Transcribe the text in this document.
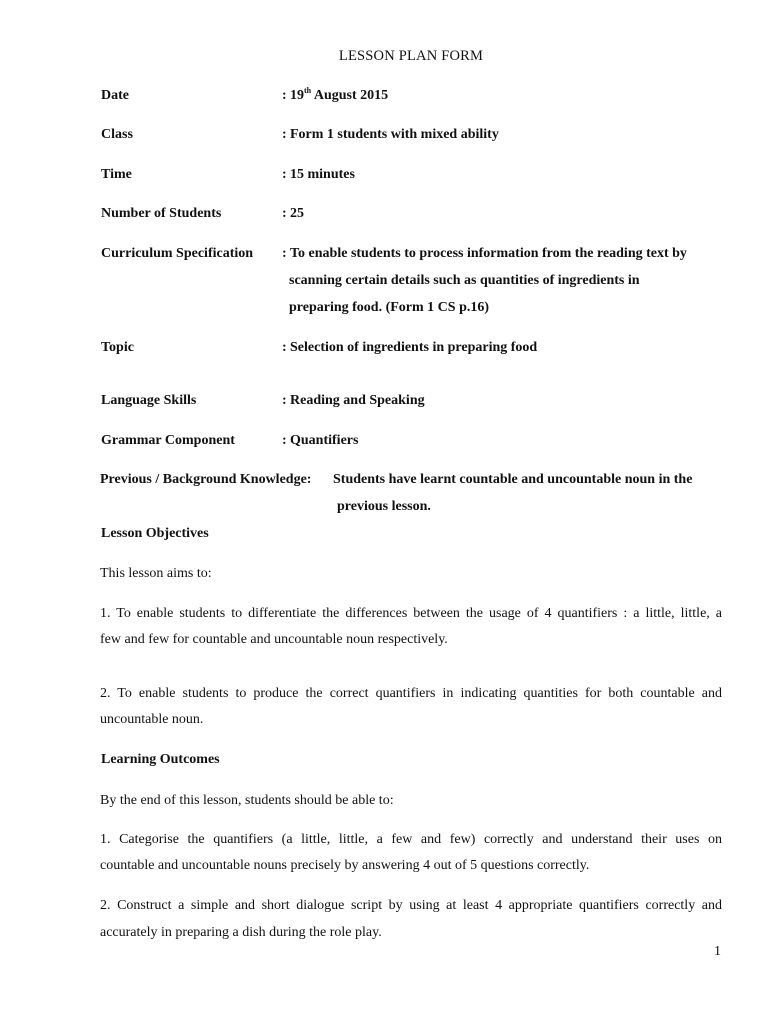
LESSON PLAN FORM
Date	: 19th August 2015
Class	: Form 1 students with mixed ability
Time	: 15 minutes
Number of Students	: 25
Curriculum Specification : To enable students to process information from the reading text by
scanning certain details such as quantities of ingredients in
preparing food. (Form 1 CS p.16)
Topic	: Selection of ingredients in preparing food
Language Skills	: Reading and Speaking
Grammar Component	: Quantifiers
Previous / Background Knowledge: Students have learnt countable and uncountable noun in the
previous lesson.
Lesson Objectives
This lesson aims to:
1. To enable students to differentiate the differences between the usage of 4 quantifiers : a little, little, a
few and few for countable and uncountable noun respectively.
2. To enable students to produce the correct quantifiers in indicating quantities for both countable and
uncountable noun.
Learning Outcomes
By the end of this lesson, students should be able to:
1. Categorise the quantifiers (a little, little, a few and few) correctly and understand their uses on
countable and uncountable nouns precisely by answering 4 out of 5 questions correctly.
2. Construct a simple and short dialogue script by using at least 4 appropriate quantifiers correctly and
accurately in preparing a dish during the role play.
1
